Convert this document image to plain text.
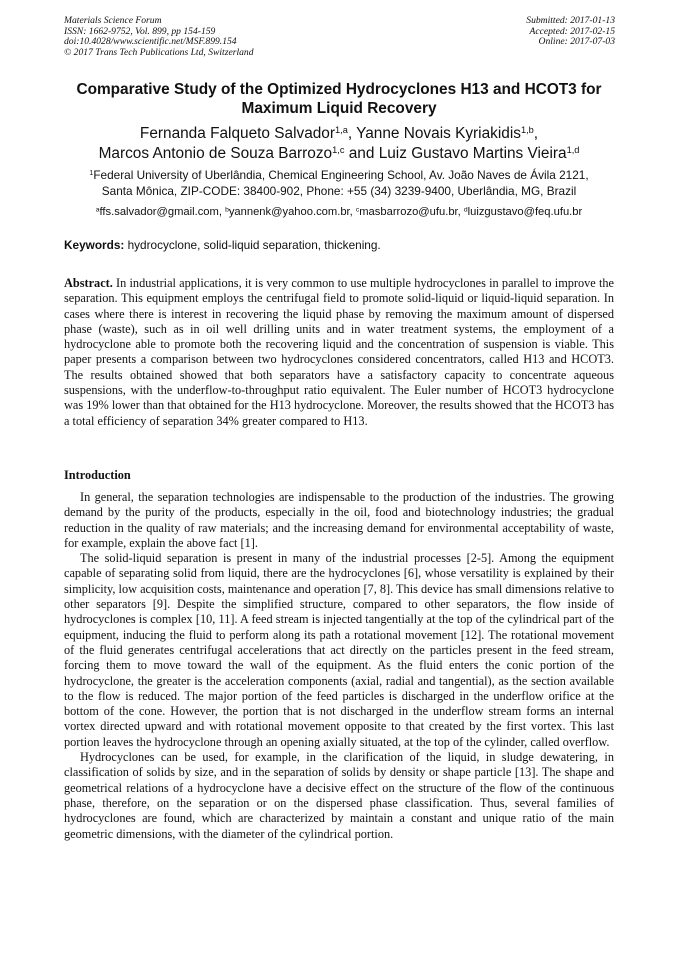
Materials Science Forum
ISSN: 1662-9752, Vol. 899, pp 154-159
doi:10.4028/www.scientific.net/MSF.899.154
© 2017 Trans Tech Publications Ltd, Switzerland
Submitted: 2017-01-13
Accepted: 2017-02-15
Online: 2017-07-03
Comparative Study of the Optimized Hydrocyclones H13 and HCOT3 for Maximum Liquid Recovery
Fernanda Falqueto Salvador$^{1,a}$, Yanne Novais Kyriakidis$^{1,b}$,
Marcos Antonio de Souza Barrozo$^{1,c}$ and Luiz Gustavo Martins Vieira$^{1,d}$
$^1$Federal University of Uberlândia, Chemical Engineering School, Av. João Naves de Ávila 2121,
Santa Mônica, ZIP-CODE: 38400-902, Phone: +55 (34) 3239-9400, Uberlândia, MG, Brazil
$^a$ffs.salvador@gmail.com, $^b$yannenk@yahoo.com.br, $^c$masbarrozo@ufu.br, $^d$luizgustavo@feq.ufu.br
Keywords: hydrocyclone, solid-liquid separation, thickening.
Abstract. In industrial applications, it is very common to use multiple hydrocyclones in parallel to improve the separation. This equipment employs the centrifugal field to promote solid-liquid or liquid-liquid separation. In cases where there is interest in recovering the liquid phase by removing the maximum amount of dispersed phase (waste), such as in oil well drilling units and in water treatment systems, the employment of a hydrocyclone able to promote both the recovering liquid and the concentration of suspension is viable. This paper presents a comparison between two hydrocyclones considered concentrators, called H13 and HCOT3. The results obtained showed that both separators have a satisfactory capacity to concentrate aqueous suspensions, with the underflow-to-throughput ratio equivalent. The Euler number of HCOT3 hydrocyclone was 19% lower than that obtained for the H13 hydrocyclone. Moreover, the results showed that the HCOT3 has a total efficiency of separation 34% greater compared to H13.
Introduction

In general, the separation technologies are indispensable to the production of the industries. The growing demand by the purity of the products, especially in the oil, food and biotechnology industries; the gradual reduction in the quality of raw materials; and the increasing demand for environmental acceptability of waste, for example, explain the above fact [1].

The solid-liquid separation is present in many of the industrial processes [2-5]. Among the equipment capable of separating solid from liquid, there are the hydrocyclones [6], whose versatility is explained by their simplicity, low acquisition costs, maintenance and operation [7, 8]. This device has small dimensions relative to other separators [9]. Despite the simplified structure, compared to other separators, the flow inside of hydrocyclones is complex [10, 11]. A feed stream is injected tangentially at the top of the cylindrical part of the equipment, inducing the fluid to perform along its path a rotational movement [12]. The rotational movement of the fluid generates centrifugal accelerations that act directly on the particles present in the feed stream, forcing them to move toward the wall of the equipment. As the fluid enters the conic portion of the hydrocyclone, the greater is the acceleration components (axial, radial and tangential), as the section available to the flow is reduced. The major portion of the feed particles is discharged in the underflow orifice at the bottom of the cone. However, the portion that is not discharged in the underflow stream forms an internal vortex directed upward and with rotational movement opposite to that created by the first vortex. This last portion leaves the hydrocyclone through an opening axially situated, at the top of the cylinder, called overflow.

Hydrocyclones can be used, for example, in the clarification of the liquid, in sludge dewatering, in classification of solids by size, and in the separation of solids by density or shape particle [13]. The shape and geometrical relations of a hydrocyclone have a decisive effect on the structure of the flow of the continuous phase, therefore, on the separation or on the dispersed phase classification. Thus, several families of hydrocyclones are found, which are characterized by maintain a constant and unique ratio of the main geometric dimensions, with the diameter of the cylindrical portion.
